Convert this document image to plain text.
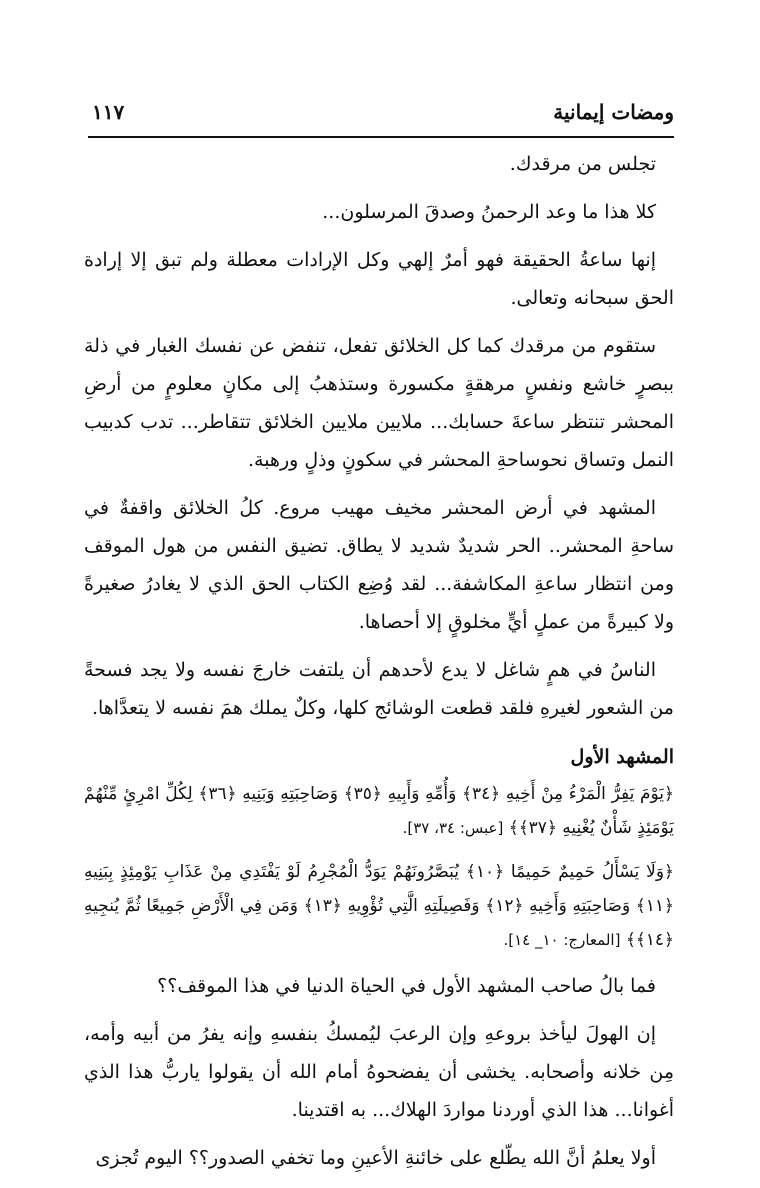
ومضات إيمانية
١١٧

تجلس من مرقدك.

كلا هذا ما وعد الرحمنُ وصدقَ المرسلون...

إنها ساعةُ الحقيقة فهو أمرٌ إلهي وكل الإرادات معطلة ولم تبق إلا إرادة الحق سبحانه وتعالى.

ستقوم من مرقدك كما كل الخلائق تفعل، تنفض عن نفسك الغبار في ذلة ببصرٍ خاشع ونفسٍ مرهقةٍ مكسورة وستذهبُ إلى مكانٍ معلومٍ من أرضِ المحشر تنتظر ساعةَ حسابك... ملايين ملايين الخلائق تتقاطر... تدب كدبيب النمل وتساق نحوساحةِ المحشر في سكونٍ وذلٍ ورهبة.

المشهد في أرض المحشر مخيف مهيب مروع. كلُ الخلائق واقفةٌ في ساحةِ المحشر.. الحر شديدٌ شديد لا يطاق. تضيق النفس من هول الموقف ومن انتظار ساعةِ المكاشفة... لقد وُضِع الكتاب الحق الذي لا يغادرُ صغيرةً ولا كبيرةً من عملٍ أيٍّ مخلوقٍ إلا أحصاها.

الناسُ في همٍ شاغل لا يدع لأحدهم أن يلتفت خارجَ نفسه ولا يجد فسحةً من الشعور لغيرهِ فلقد قطعت الوشائج كلها، وكلٌ يملك همَ نفسه لا يتعدَّاها.

المشهد الأول

﴿يَوْمَ يَفِرُّ الْمَرْءُ مِنْ أَخِيهِ ﴿٣٤﴾ وَأُمِّهِ وَأَبِيهِ ﴿٣٥﴾ وَصَاحِبَتِهِ وَبَنِيهِ ﴿٣٦﴾ لِكُلِّ امْرِئٍ مِّنْهُمْ يَوْمَئِذٍ شَأْنٌ يُغْنِيهِ ﴿٣٧﴾﴾ [عبس: ٣٤، ٣٧].

﴿وَلَا يَسْأَلُ حَمِيمٌ حَمِيمًا ﴿١٠﴾ يُبَصَّرُونَهُمْ يَوَدُّ الْمُجْرِمُ لَوْ يَفْتَدِي مِنْ عَذَابِ يَوْمِئِذٍ بِبَنِيهِ ﴿١١﴾ وَصَاحِبَتِهِ وَأَخِيهِ ﴿١٢﴾ وَفَصِيلَتِهِ الَّتِي تُؤْوِيهِ ﴿١٣﴾ وَمَن فِي الْأَرْضِ جَمِيعًا ثُمَّ يُنجِيهِ ﴿١٤﴾﴾ [المعارج: ١٠_ ١٤].

فما بالُ صاحب المشهد الأول في الحياة الدنيا في هذا الموقف؟؟

إن الهولَ ليأخذ بروعهِ وإن الرعبَ ليُمسكُ بنفسهِ وإنه يفرُ من أبيه وأمه، مِن خلانه وأصحابه. يخشى أن يفضحوهُ أمام الله أن يقولوا ياربُّ هذا الذي أغوانا... هذا الذي أوردنا مواردَ الهلاك... به اقتدينا.

أولا يعلمُ أنَّ الله يطّلع على خائنةِ الأعينِ وما تخفي الصدور؟؟ اليوم تُجزى
